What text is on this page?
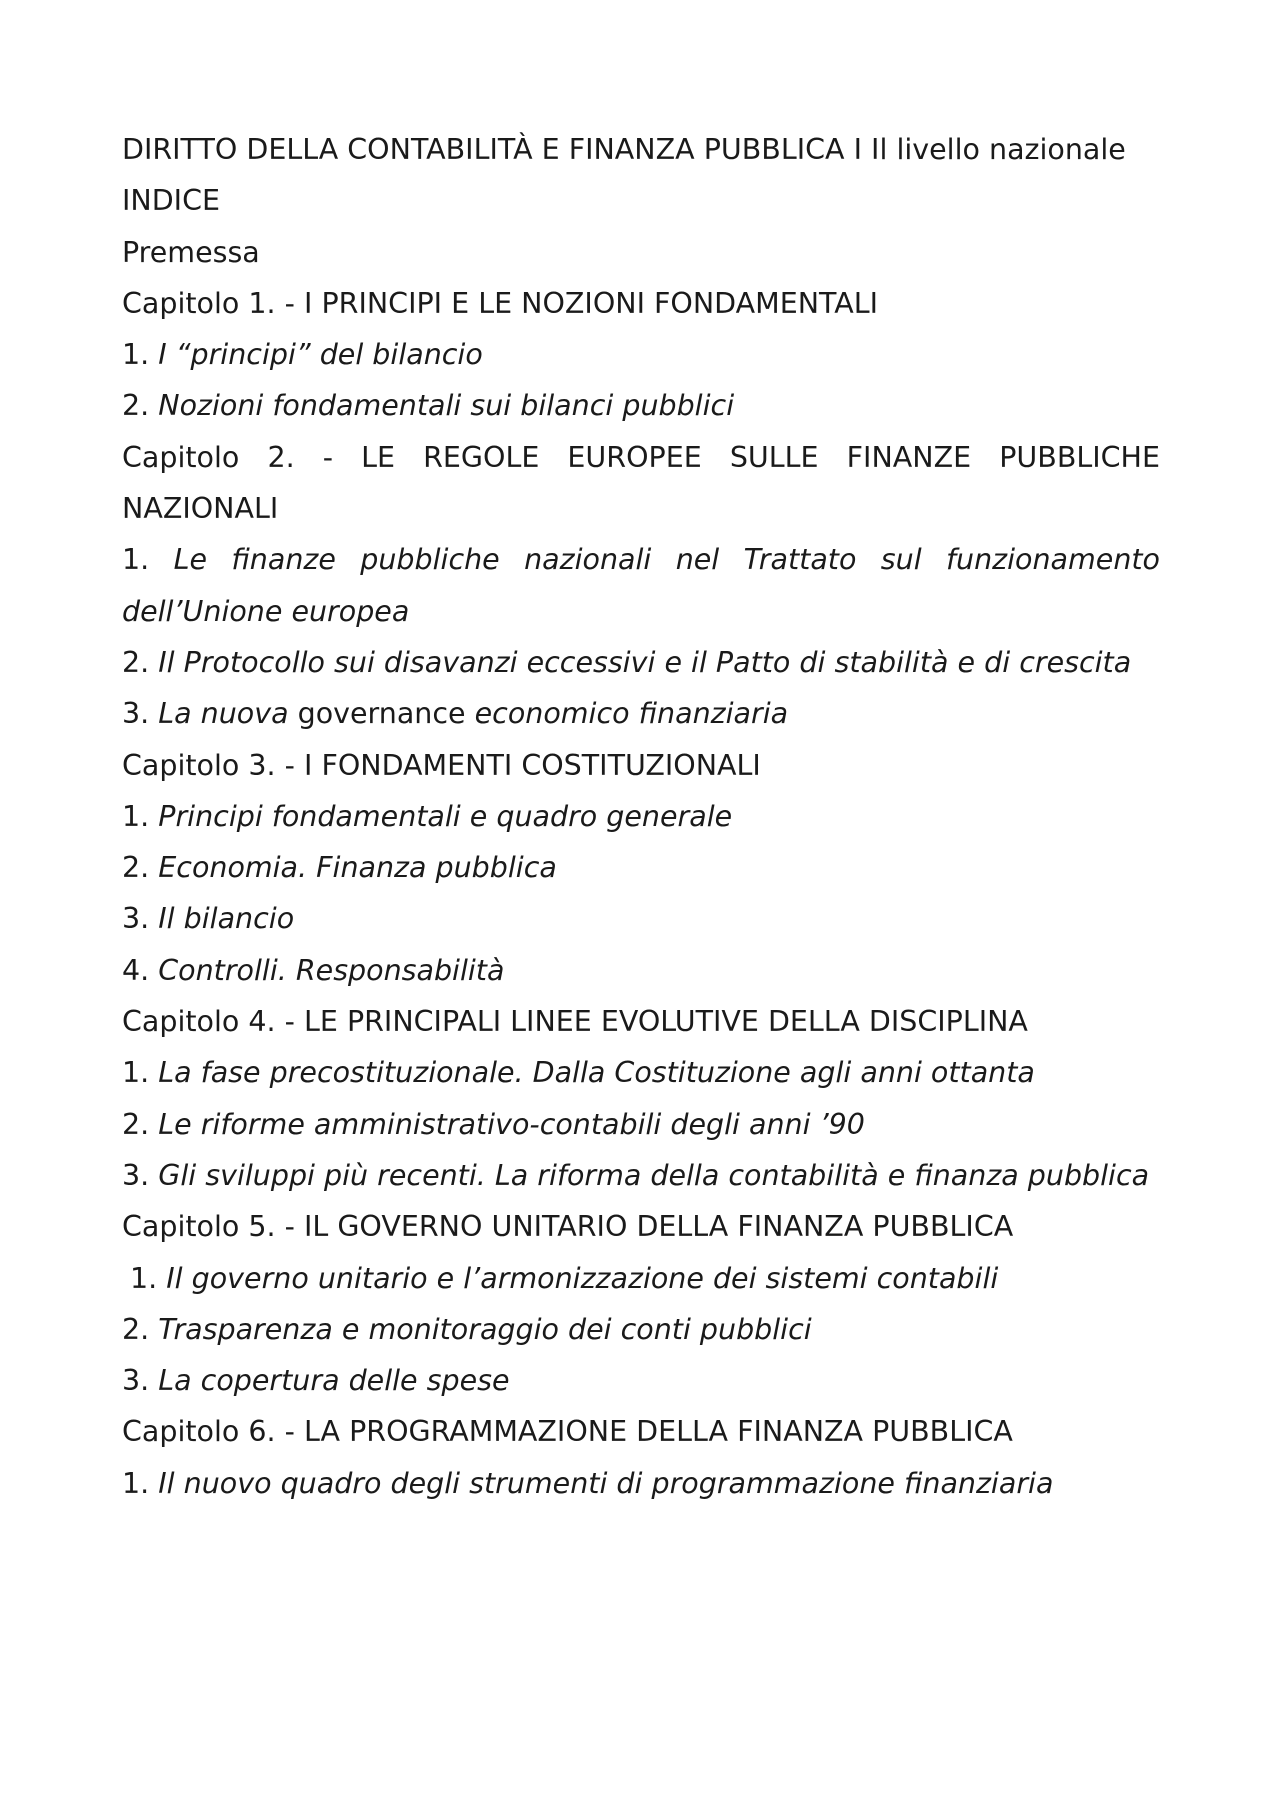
DIRITTO DELLA CONTABILITÀ E FINANZA PUBBLICA I Il livello nazionale

INDICE

Premessa

Capitolo 1. - I PRINCIPI E LE NOZIONI FONDAMENTALI

1. I “principi” del bilancio

2. Nozioni fondamentali sui bilanci pubblici

Capitolo 2. - LE REGOLE EUROPEE SULLE FINANZE PUBBLICHE NAZIONALI

1. Le finanze pubbliche nazionali nel Trattato sul funzionamento dell’Unione europea

2. Il Protocollo sui disavanzi eccessivi e il Patto di stabilità e di crescita

3. La nuova governance economico finanziaria

Capitolo 3. - I FONDAMENTI COSTITUZIONALI

1. Principi fondamentali e quadro generale

2. Economia. Finanza pubblica

3. Il bilancio

4. Controlli. Responsabilità

Capitolo 4. - LE PRINCIPALI LINEE EVOLUTIVE DELLA DISCIPLINA

1. La fase precostituzionale. Dalla Costituzione agli anni ottanta

2. Le riforme amministrativo-contabili degli anni ’90

3. Gli sviluppi più recenti. La riforma della contabilità e finanza pubblica

Capitolo 5. - IL GOVERNO UNITARIO DELLA FINANZA PUBBLICA

1. Il governo unitario e l’armonizzazione dei sistemi contabili

2. Trasparenza e monitoraggio dei conti pubblici

3. La copertura delle spese

Capitolo 6. - LA PROGRAMMAZIONE DELLA FINANZA PUBBLICA

1. Il nuovo quadro degli strumenti di programmazione finanziaria
